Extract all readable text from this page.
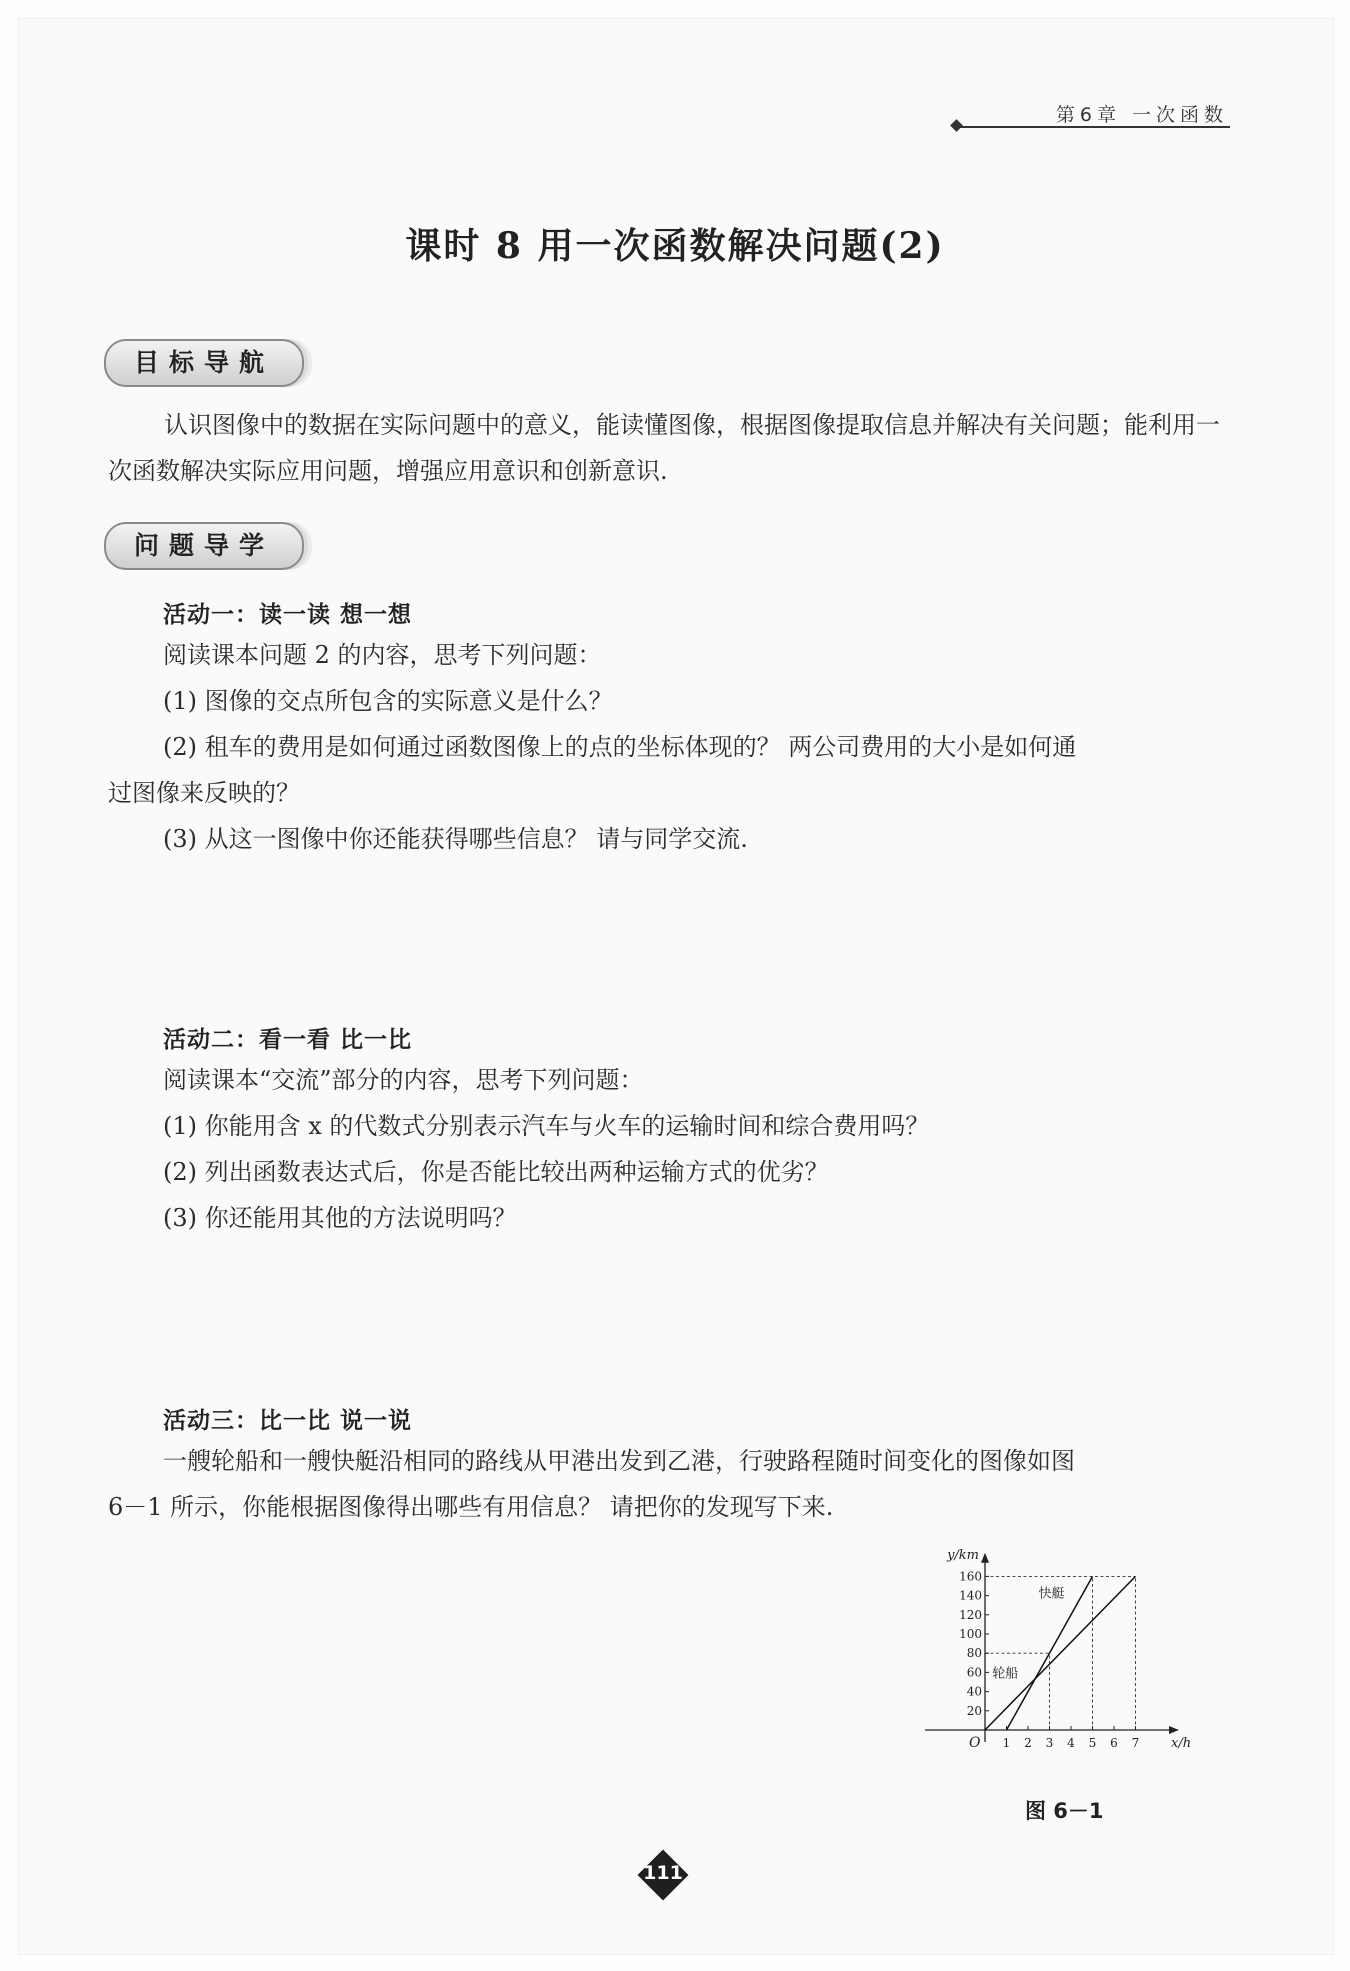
第6章 一次函数
课时 8 用一次函数解决问题(2)
目标导航
认识图像中的数据在实际问题中的意义，能读懂图像，根据图像提取信息并解决有关问题；能利用一次函数解决实际应用问题，增强应用意识和创新意识.
问题导学
活动一：读一读 想一想
阅读课本问题 2 的内容，思考下列问题：
(1) 图像的交点所包含的实际意义是什么？
(2) 租车的费用是如何通过函数图像上的点的坐标体现的？ 两公司费用的大小是如何通
过图像来反映的？
(3) 从这一图像中你还能获得哪些信息？ 请与同学交流.
活动二：看一看 比一比
阅读课本“交流”部分的内容，思考下列问题：
(1) 你能用含 x 的代数式分别表示汽车与火车的运输时间和综合费用吗？
(2) 列出函数表达式后，你是否能比较出两种运输方式的优劣？
(3) 你还能用其他的方法说明吗？
活动三：比一比 说一说
一艘轮船和一艘快艇沿相同的路线从甲港出发到乙港，行驶路程随时间变化的图像如图
6－1 所示，你能根据图像得出哪些有用信息？ 请把你的发现写下来.
轮船
快艇
1 2 3 4 5 6 7
20
40
60
80
100
120
140
160
y/km
x/h
O
图 6－1
111
